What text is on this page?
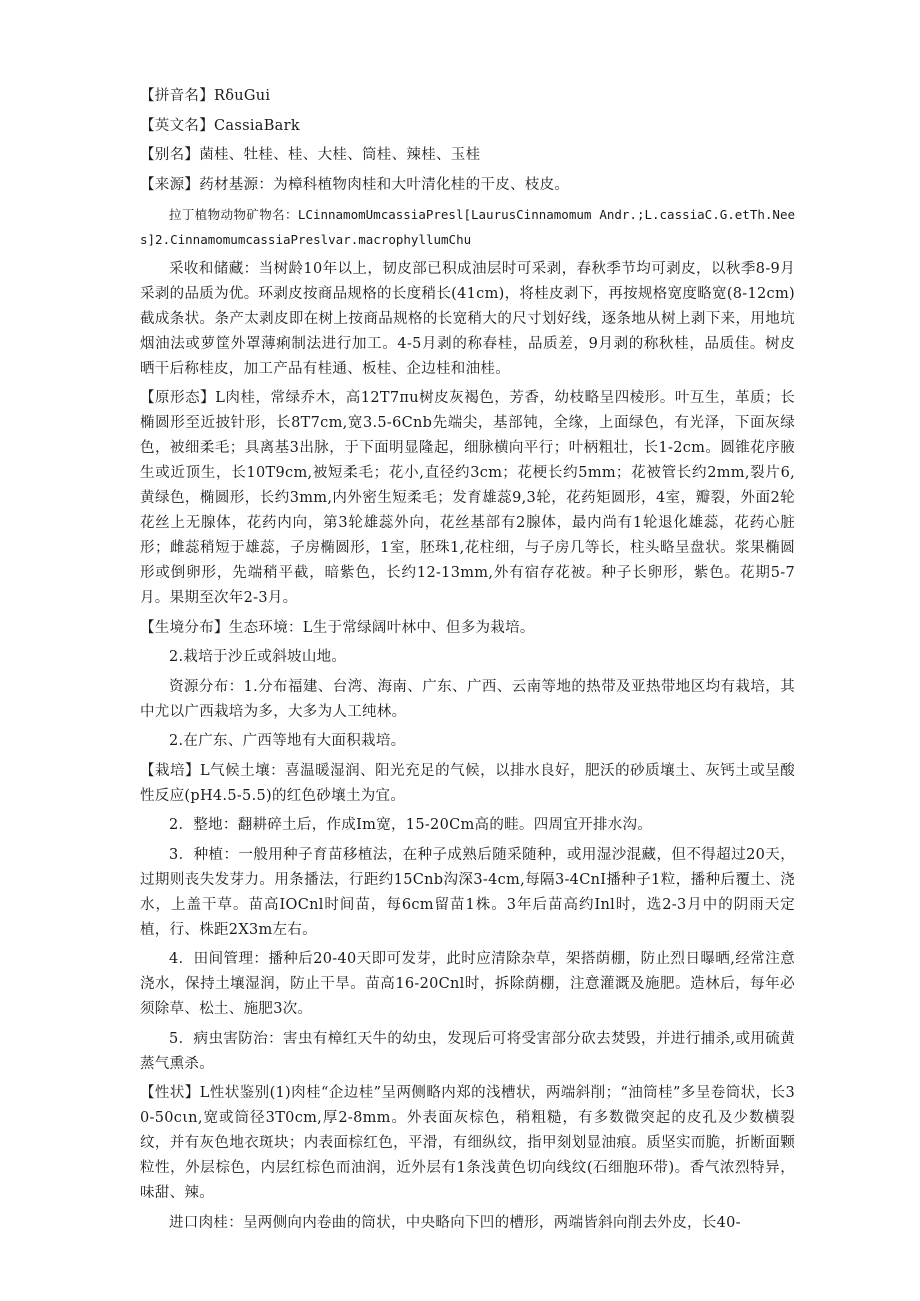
【拼音名】RδuGui

【英文名】CassiaBark

【别名】菌桂、牡桂、桂、大桂、筒桂、辣桂、玉桂

【来源】药材基源：为樟科植物肉桂和大叶清化桂的干皮、枝皮。

拉丁植物动物矿物名：LCinnamomUmcassiaPresl[LaurusCinnamomum Andr.;L.cassiaC.G.etTh.Nees]2.CinnamomumcassiaPreslvar.macrophyllumChu

采收和储藏：当树龄10年以上，韧皮部已积成油层时可采剥，春秋季节均可剥皮，以秋季8-9月采剥的品质为优。环剥皮按商品规格的长度稍长(41cm)，将桂皮剥下，再按规格宽度略宽(8-12cm)截成条状。条产太剥皮即在树上按商品规格的长宽稍大的尺寸划好线，逐条地从树上剥下来，用地坑烟油法或萝筐外罩薄痢制法进行加工。4-5月剥的称春桂，品质差，9月剥的称秋桂，品质佳。树皮晒干后称桂皮，加工产品有桂通、板桂、企边桂和油桂。

【原形态】L肉桂，常绿乔木，高12T7πu树皮灰褐色，芳香，幼枝略呈四棱形。叶互生，革质；长椭圆形至近披针形，长8T7cm,宽3.5-6Cnb先端尖，基部钝，全缘，上面绿色，有光泽，下面灰绿色，被细柔毛；具离基3出脉，于下面明显隆起，细脉横向平行；叶柄粗壮，长1-2cm。圆锥花序腋生或近顶生，长10T9cm,被短柔毛；花小,直径约3cm；花梗长约5mm；花被管长约2mm,裂片6,黄绿色，椭圆形，长约3mm,内外密生短柔毛；发育雄蕊9,3轮，花药矩圆形，4室，瓣裂，外面2轮花丝上无腺体，花药内向，第3轮雄蕊外向，花丝基部有2腺体，最内尚有1轮退化雄蕊，花药心脏形；雌蕊稍短于雄蕊，子房椭圆形，1室，胚珠1,花柱细，与子房几等长，柱头略呈盘状。浆果椭圆形或倒卵形，先端稍平截，暗紫色，长约12-13mm,外有宿存花被。种子长卵形，紫色。花期5-7月。果期至次年2-3月。

【生境分布】生态环境：L生于常绿阔叶林中、但多为栽培。

2.栽培于沙丘或斜坡山地。

资源分布：1.分布福建、台湾、海南、广东、广西、云南等地的热带及亚热带地区均有栽培，其中尤以广西栽培为多，大多为人工纯林。

2.在广东、广西等地有大面积栽培。

【栽培】L气候土壤：喜温暖湿润、阳光充足的气候，以排水良好，肥沃的砂质壤土、灰钙土或呈酸性反应(pH4.5-5.5)的红色砂壤土为宜。

2．整地：翻耕碎土后，作成Im宽，15-20Cm高的畦。四周宜开排水沟。

3．种植：一般用种子育苗移植法，在种子成熟后随采随种，或用湿沙混藏，但不得超过20天，过期则丧失发芽力。用条播法，行距约15Cnb沟深3-4cm,每隔3-4CnI播种子1粒，播种后覆土、浇水，上盖干草。苗高IOCnl时间苗，每6cm留苗1株。3年后苗高约Inl时，选2-3月中的阴雨天定植，行、株距2X3m左右。

4．田间管理：播种后20-40天即可发芽，此时应清除杂草，架搭荫棚，防止烈日曝晒,经常注意浇水，保持土壤湿润，防止干旱。苗高16-20Cnl时，拆除荫棚，注意灌溉及施肥。造林后，每年必须除草、松土、施肥3次。

5．病虫害防治：害虫有樟红天牛的幼虫，发现后可将受害部分砍去焚毁，并进行捕杀,或用硫黄蒸气熏杀。

【性状】L性状鉴别(1)肉桂“企边桂”呈两侧略内郑的浅槽状，两端斜削；“油筒桂”多呈卷筒状，长30-50cιn,宽或筒径3T0cm,厚2-8mm。外表面灰棕色，稍粗糙，有多数微突起的皮孔及少数横裂纹，并有灰色地衣斑块；内表面棕红色，平滑，有细纵纹，指甲刻划显油痕。质坚实而脆，折断面颗粒性，外层棕色，内层红棕色而油润，近外层有1条浅黄色切向线纹(石细胞环带)。香气浓烈特异，味甜、辣。

进口肉桂：呈两侧向内卷曲的筒状，中央略向下凹的槽形，两端皆斜向削去外皮，长40-
